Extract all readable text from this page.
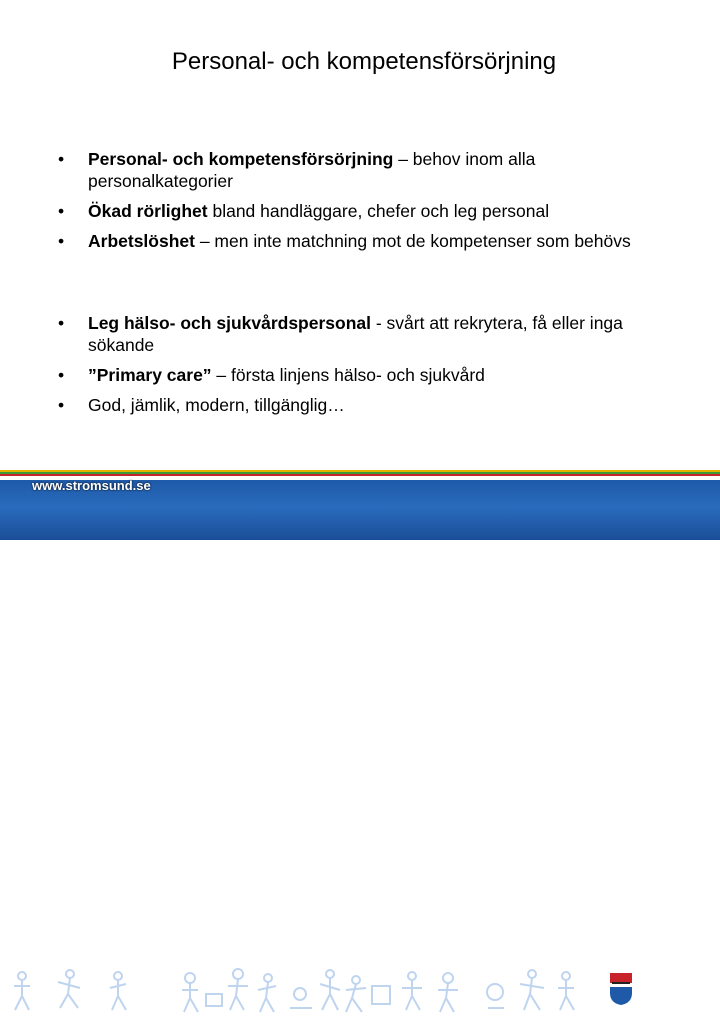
Personal- och kompetensförsörjning
• Personal- och kompetensförsörjning – behov inom alla personalkategorier
• Ökad rörlighet bland handläggare, chefer och leg personal
• Arbetslöshet – men inte matchning mot de kompetenser som behövs
• Leg hälso- och sjukvårdspersonal - svårt att rekrytera, få eller inga sökande
• ”Primary care” – första linjens hälso- och sjukvård
• God, jämlik, modern, tillgänglig…
Strömsunds
Kommun
Storsjöns ljus
www.stromsund.se
